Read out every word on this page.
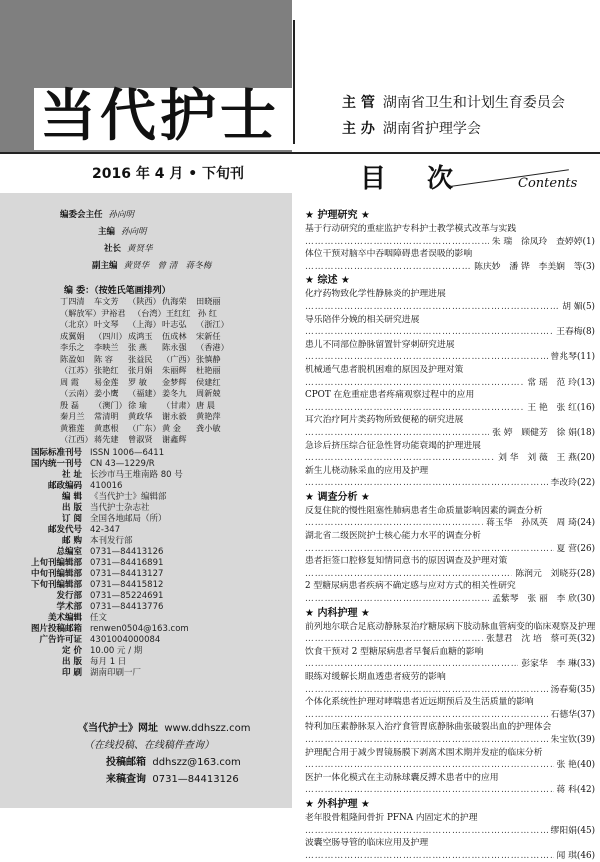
当代护士	主 管 湖南省卫生和计划生育委员会
主 办 湖南省护理学会
2016 年 4 月 • 下旬刊	目 次	Contents
编委会主任 孙向明
主编 孙向明
社长 黄贤华
副主编 黄贤华　曾 清　蒋冬梅
编 委：（按姓氏笔画排列）
丁四清	车文芳	（陕西） 仇海荣	田晓丽
（解放军） 尹裕君 （台湾） 王红红 孙 红
（北京） 叶文琴	（上海） 叶志弘	（浙江）
成翼娟	（四川） 成鸿玉	伍成林	宋新任
李乐之	李映兰	张 燕	陈永强	（香港）
陈盈如	陈 容	张益民	（广西） 张慎静
（江苏） 张艳红	张月娟	朱丽辉	杜艳丽
周 霞	易金莲	罗 敏	金梦辉	侯建红
（云南） 姜小鹰	（福建） 姜冬九	周新兢
殷 磊	（澳门） 徐 瑜	（甘肃） 唐 晨
秦月兰	常清明	黄政华	谢永毅	黄艳萍
黄雅莲	黄惠根	（广东） 黄 金	龚小敏
（江西） 蒋先建	曾淑贤	谢鑫辉
国际标准刊号 ISSN 1006—6411
国内统一刊号 CN 43—1229/R
社 址 长沙市马王堆南路 80 号
邮政编码 410016
编 辑 《当代护士》编辑部
出 版 当代护士杂志社
订 阅 全国各地邮局（所）
邮发代号 42-347
邮 购 本刊发行部
总编室 0731—84413126
上旬刊编辑部 0731—84416891
中旬刊编辑部 0731—84413127
下旬刊编辑部 0731—84415812
发行部 0731—85224691
学术部 0731—84413776
美术编辑 任文
图片投稿邮箱 renwen0504@163.com
广告许可证 4301004000084
定 价 10.00 元 / 期
出 版 每月 1 日
印 刷 湖南印刷一厂
《当代护士》网址 www.ddhszz.com
（在线投稿、在线稿件查询）
投稿邮箱 ddhszz@163.com
来稿查询 0731—84413126
★ 护理研究 ★
基于行动研究的重症监护专科护士教学模式改革与实践
…………………………………………………………………………………………
朱 瑞　徐凤玲　查婷婷(1)
体位干预对脑卒中吞咽障碍患者误吸的影响
…………………………………………………………………………………………
陈庆妙　潘 铧　李美娴　等(3)
★ 综述 ★
化疗药物致化学性静脉炎的护理进展
…………………………………………………………………………………………
胡 媚(5)
导乐陪伴分娩的相关研究进展
…………………………………………………………………………………………
王春梅(8)
患儿不同部位静脉留置针穿刺研究进展
…………………………………………………………………………………………
曾兆琴(11)
机械通气患者脱机困难的原因及护理对策
…………………………………………………………………………………………
常 瑶　范 玲(13)
CPOT 在危重症患者疼痛观察过程中的应用
…………………………………………………………………………………………
王 艳　张 红(16)
耳穴治疗阿片类药物所致便秘的研究进展
…………………………………………………………………………………………
张 婷　顾健芳　徐 娟(18)
急诊后挤压综合征急性肾功能衰竭的护理进展
…………………………………………………………………………………………
刘 华　刘 薇　王 燕(20)
新生儿桡动脉采血的应用及护理
…………………………………………………………………………………………
李改玲(22)
★ 调查分析 ★
反复住院的慢性阻塞性肺病患者生命质量影响因素的调查分析
…………………………………………………………………………………………
蒋玉华　孙凤英　周 琦(24)
湖北省二级医院护士核心能力水平的调查分析
…………………………………………………………………………………………
夏 营(26)
患者拒签口腔修复知情同意书的原因调查及护理对策
…………………………………………………………………………………………
陈润元　刘晓芬(28)
2 型糖尿病患者疾病不确定感与应对方式的相关性研究
…………………………………………………………………………………………
孟紫琴　张 丽　李 欣(30)
★ 内科护理 ★
前列地尔联合足底动静脉泵治疗糖尿病下肢动脉血管病变的临床观察及护理
…………………………………………………………………………………………
张慧君　沈 培　蔡可英(32)
饮食干预对 2 型糖尿病患者早餐后血糖的影响
…………………………………………………………………………………………
彭家华　李 琳(33)
眼练对缓解长期血透患者疲劳的影响
…………………………………………………………………………………………
汤春菊(35)
个体化系统性护理对哮喘患者近远期预后及生活质量的影响
…………………………………………………………………………………………
石德华(37)
特利加压素静脉泵入治疗食管胃底静脉曲张破裂出血的护理体会
…………………………………………………………………………………………
朱宝钦(39)
护理配合用于减少胃镜肠膜下剥离术围术期并发症的临床分析
…………………………………………………………………………………………
张 艳(40)
医护一体化模式在主动脉球囊反搏术患者中的应用
…………………………………………………………………………………………
蒋 科(42)
★ 外科护理 ★
老年股骨粗隆间骨折 PFNA 内固定术的护理
…………………………………………………………………………………………
缪阳娟(45)
波囊空肠导管的临床应用及护理
…………………………………………………………………………………………
闻 琪(46)
